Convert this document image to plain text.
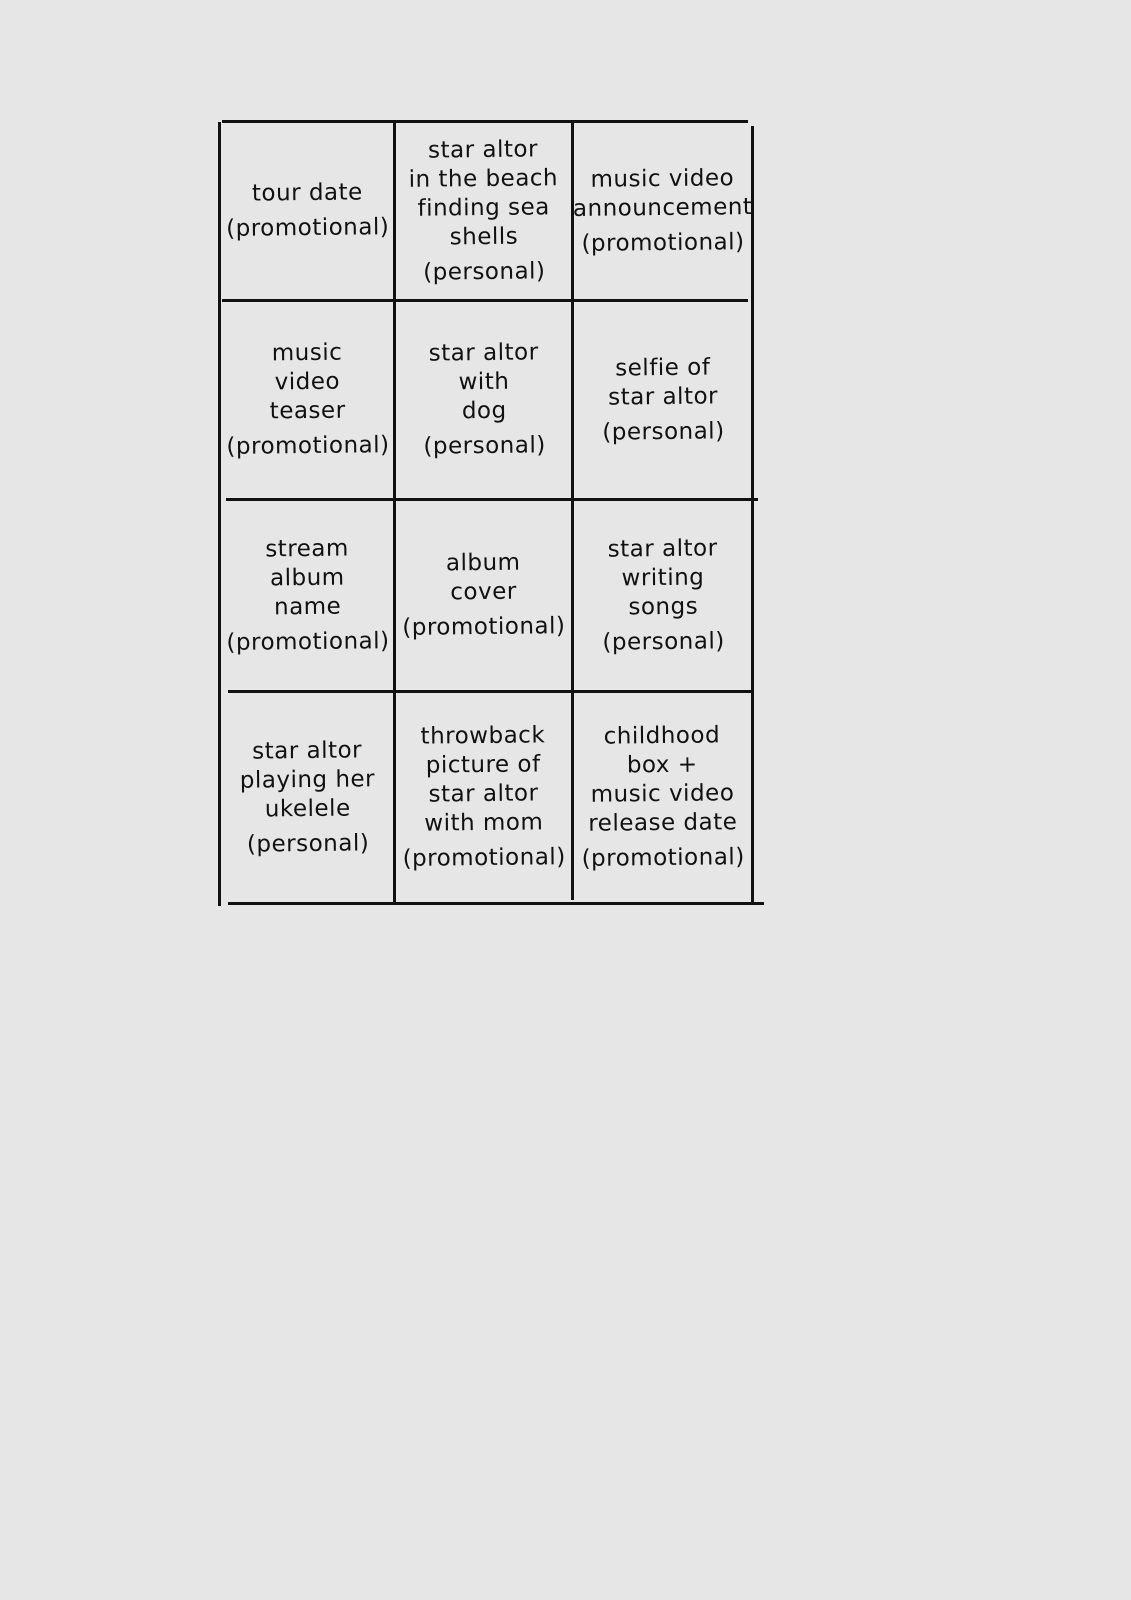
tour date

(promotional)

star altor
in the beach
finding sea
shells

(personal)

music video
announcement

(promotional)

music
video
teaser

(promotional)

star altor
with
dog

(personal)

selfie of
star altor

(personal)

stream
album
name

(promotional)

album
cover

(promotional)

star altor
writing
songs

(personal)

star altor
playing her
ukelele

(personal)

throwback
picture of
star altor
with mom

(promotional)

childhood
box +
music video
release date

(promotional)
